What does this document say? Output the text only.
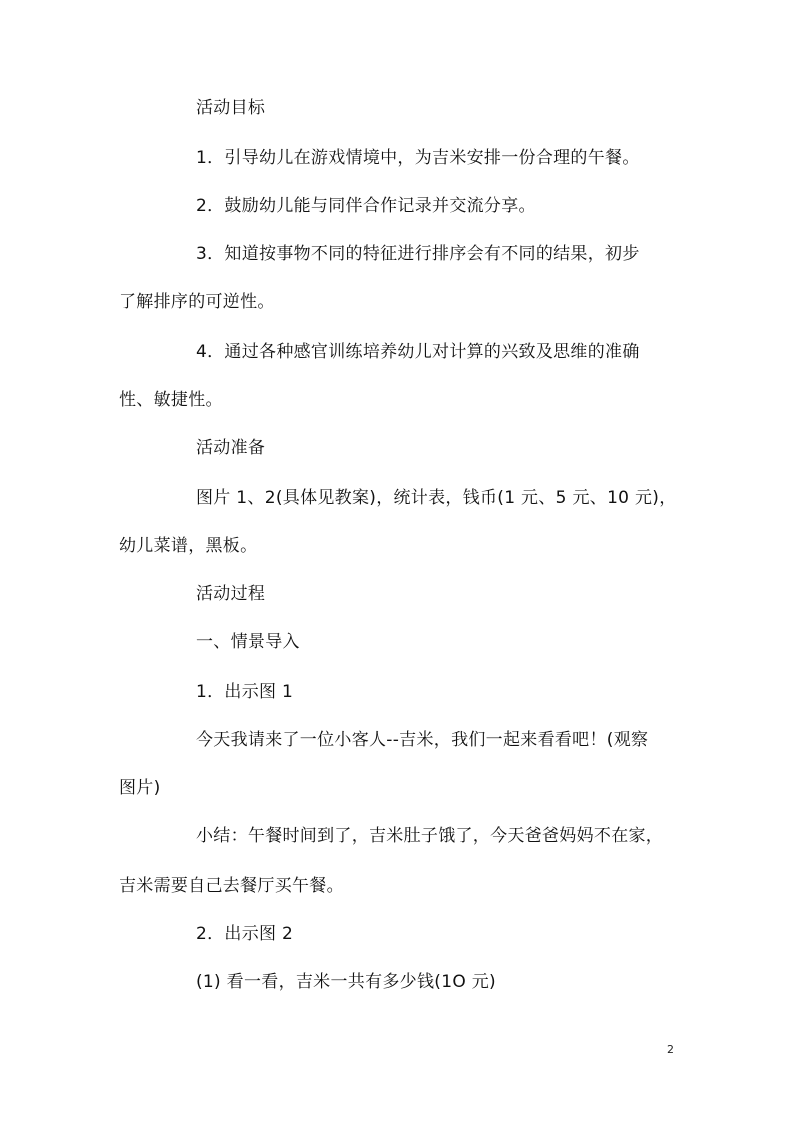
活动目标
1．引导幼儿在游戏情境中，为吉米安排一份合理的午餐。
2．鼓励幼儿能与同伴合作记录并交流分享。
3．知道按事物不同的特征进行排序会有不同的结果，初步
了解排序的可逆性。
4．通过各种感官训练培养幼儿对计算的兴致及思维的准确
性、敏捷性。
活动准备
图片 1、2(具体见教案)，统计表，钱币(1 元、5 元、10 元)，
幼儿菜谱，黑板。
活动过程
一、情景导入
1．出示图 1
今天我请来了一位小客人--吉米，我们一起来看看吧！(观察
图片)
小结：午餐时间到了，吉米肚子饿了，今天爸爸妈妈不在家，
吉米需要自己去餐厅买午餐。
2．出示图 2
(1) 看一看，吉米一共有多少钱(1O 元)
2
